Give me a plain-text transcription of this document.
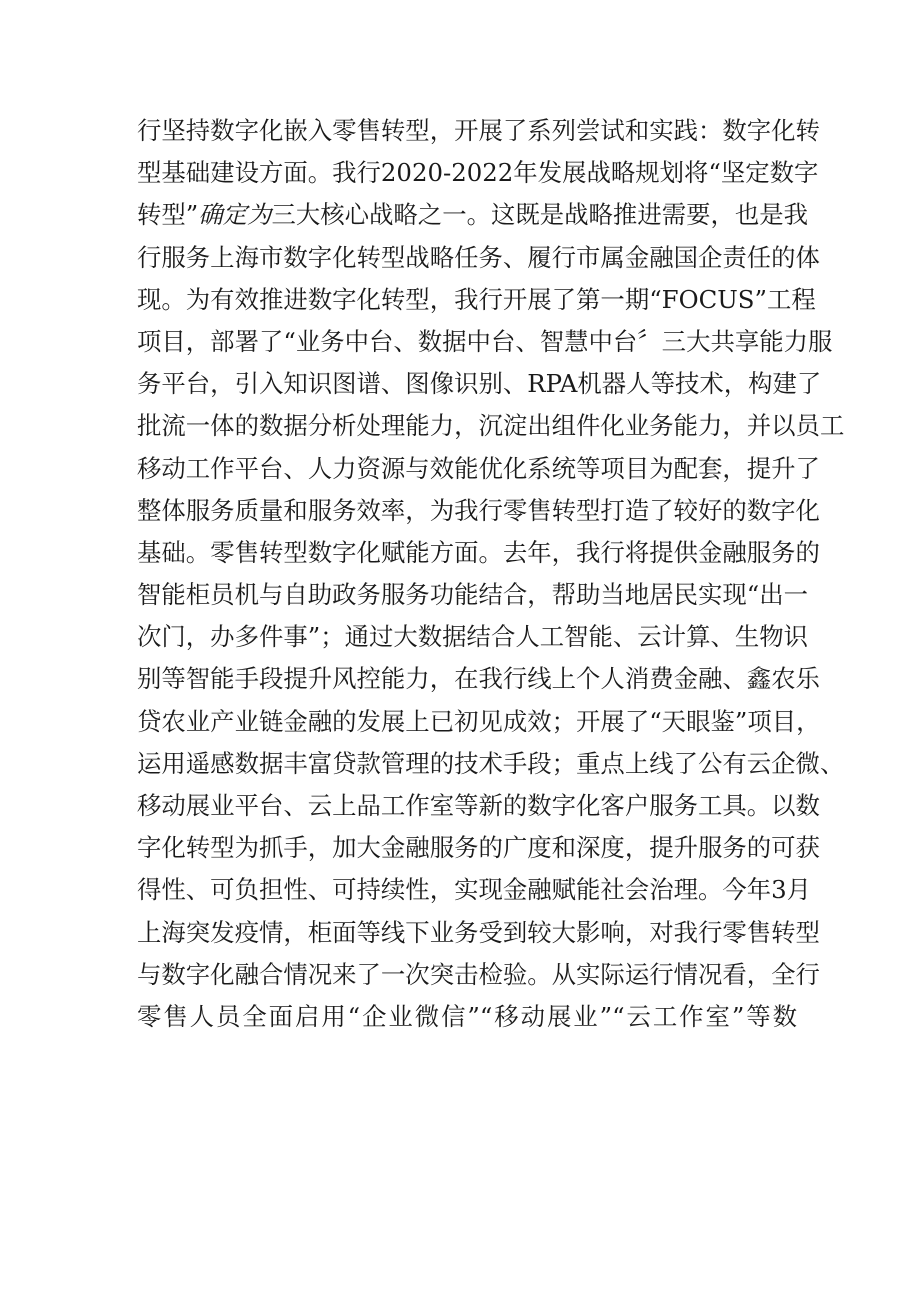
行坚持数字化嵌入零售转型，开展了系列尝试和实践：数字化转
型基础建设方面。我行2020-2022年发展战略规划将“坚定数字
转型”确定为三大核心战略之一。这既是战略推进需要，也是我
行服务上海市数字化转型战略任务、履行市属金融国企责任的体
现。为有效推进数字化转型，我行开展了第一期“FOCUS”工程
项目，部署了“业务中台、数据中台、智慧中台〞三大共享能力服
务平台，引入知识图谱、图像识别、RPA机器人等技术，构建了
批流一体的数据分析处理能力，沉淀出组件化业务能力，并以员工
移动工作平台、人力资源与效能优化系统等项目为配套，提升了
整体服务质量和服务效率，为我行零售转型打造了较好的数字化
基础。零售转型数字化赋能方面。去年，我行将提供金融服务的
智能柜员机与自助政务服务功能结合，帮助当地居民实现“出一
次门，办多件事”；通过大数据结合人工智能、云计算、生物识
别等智能手段提升风控能力，在我行线上个人消费金融、鑫农乐
贷农业产业链金融的发展上已初见成效；开展了“天眼鉴”项目，
运用遥感数据丰富贷款管理的技术手段；重点上线了公有云企微、
移动展业平台、云上品工作室等新的数字化客户服务工具。以数
字化转型为抓手，加大金融服务的广度和深度，提升服务的可获
得性、可负担性、可持续性，实现金融赋能社会治理。今年3月
上海突发疫情，柜面等线下业务受到较大影响，对我行零售转型
与数字化融合情况来了一次突击检验。从实际运行情况看，全行
零售人员全面启用“企业微信”“移动展业”“云工作室”等数
